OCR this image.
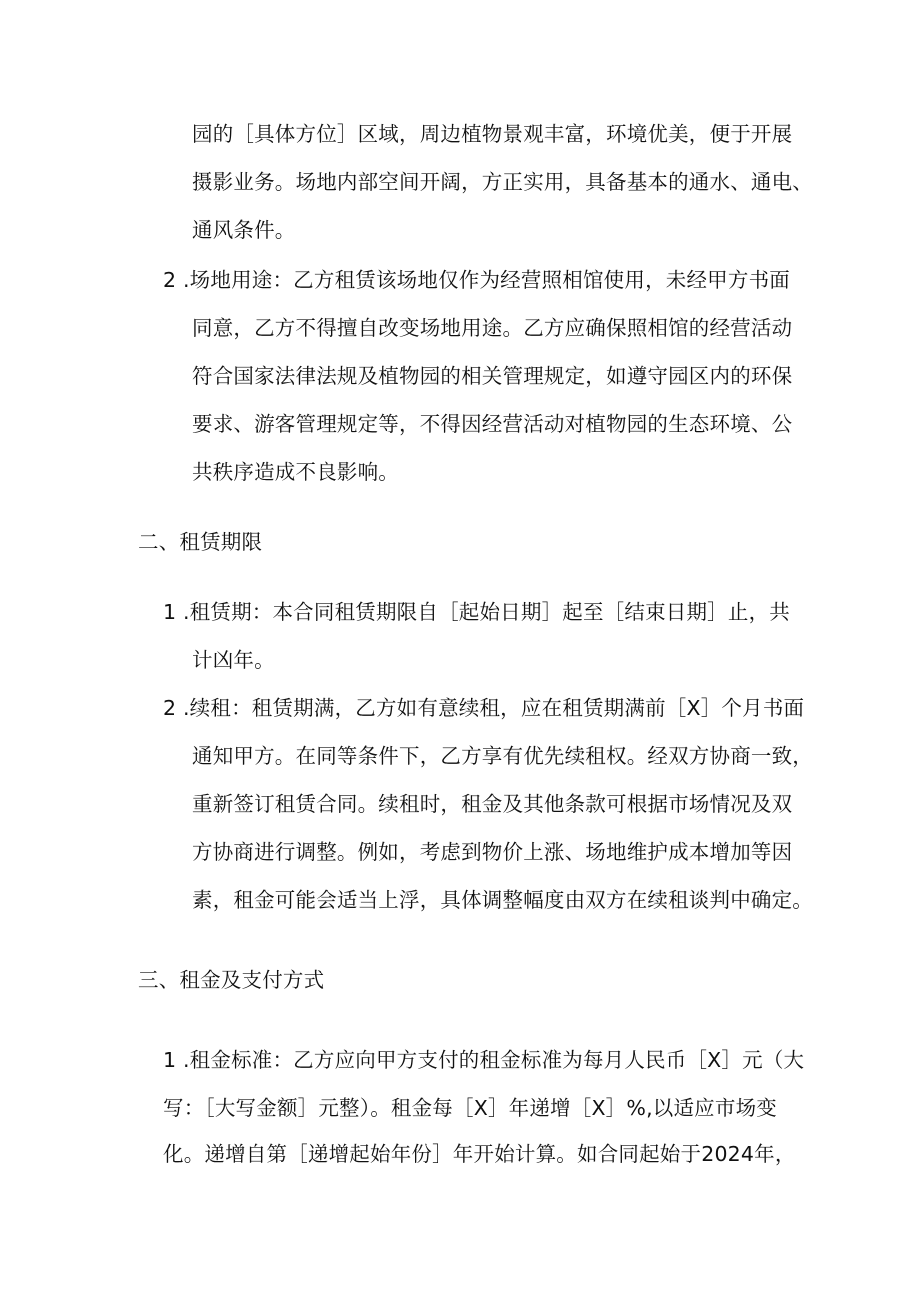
园的［具体方位］区域，周边植物景观丰富，环境优美，便于开展
摄影业务。场地内部空间开阔，方正实用，具备基本的通水、通电、
通风条件。
2 .场地用途：乙方租赁该场地仅作为经营照相馆使用，未经甲方书面
同意，乙方不得擅自改变场地用途。乙方应确保照相馆的经营活动
符合国家法律法规及植物园的相关管理规定，如遵守园区内的环保
要求、游客管理规定等，不得因经营活动对植物园的生态环境、公
共秩序造成不良影响。
二、租赁期限
1 .租赁期：本合同租赁期限自［起始日期］起至［结束日期］止，共
计凶年。
2 .续租：租赁期满，乙方如有意续租，应在租赁期满前［X］个月书面
通知甲方。在同等条件下，乙方享有优先续租权。经双方协商一致，
重新签订租赁合同。续租时，租金及其他条款可根据市场情况及双
方协商进行调整。例如，考虑到物价上涨、场地维护成本增加等因
素，租金可能会适当上浮，具体调整幅度由双方在续租谈判中确定。
三、租金及支付方式
1 .租金标准：乙方应向甲方支付的租金标准为每月人民币［X］元（大
写：［大写金额］元整）。租金每［X］年递增［X］%,以适应市场变
化。递增自第［递增起始年份］年开始计算。如合同起始于2024年，
